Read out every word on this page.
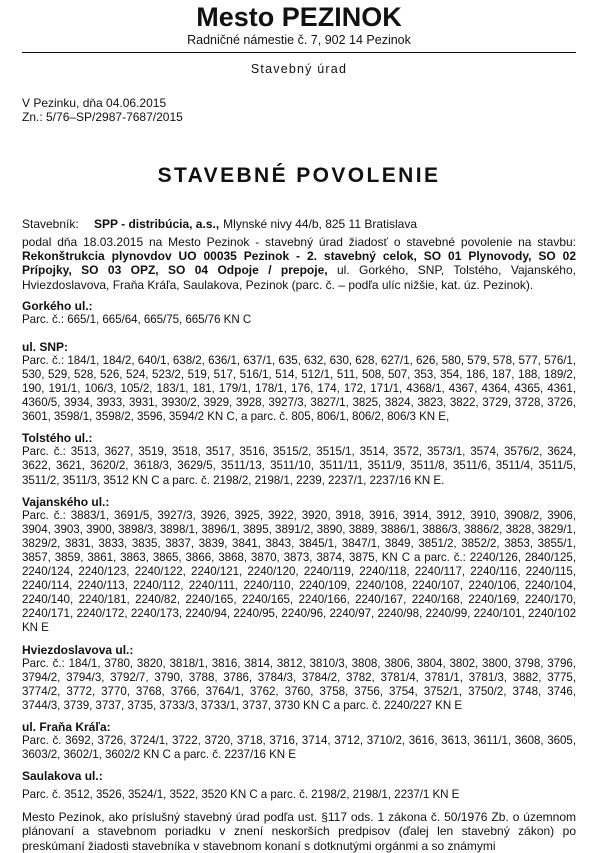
Mesto PEZINOK
Radničné námestie č. 7, 902 14 Pezinok
Stavebný úrad
V Pezinku, dňa 04.06.2015
Zn.: 5/76–SP/2987-7687/2015
STAVEBNÉ POVOLENIE
Stavebník: SPP - distribúcia, a.s., Mlynské nivy 44/b, 825 11 Bratislava
podal dňa 18.03.2015 na Mesto Pezinok - stavebný úrad žiadosť o stavebné povolenie na stavbu: Rekonštrukcia plynovdov UO 00035 Pezinok - 2. stavebný celok, SO 01 Plynovody, SO 02 Prípojky, SO 03 OPZ, SO 04 Odpoje / prepoje, ul. Gorkého, SNP, Tolstého, Vajanského, Hviezdoslavova, Fraňa Kráľa, Saulakova, Pezinok (parc. č. – podľa ulíc nižšie, kat. úz. Pezinok).
Gorkého ul.:
Parc. č.: 665/1, 665/64, 665/75, 665/76 KN C
ul. SNP:
Parc. č.: 184/1, 184/2, 640/1, 638/2, 636/1, 637/1, 635, 632, 630, 628, 627/1, 626, 580, 579, 578, 577, 576/1, 530, 529, 528, 526, 524, 523/2, 519, 517, 516/1, 514, 512/1, 511, 508, 507, 353, 354, 186, 187, 188, 189/2, 190, 191/1, 106/3, 105/2, 183/1, 181, 179/1, 178/1, 176, 174, 172, 171/1, 4368/1, 4367, 4364, 4365, 4361, 4360/5, 3934, 3933, 3931, 3930/2, 3929, 3928, 3927/3, 3827/1, 3825, 3824, 3823, 3822, 3729, 3728, 3726, 3601, 3598/1, 3598/2, 3596, 3594/2 KN C, a parc. č. 805, 806/1, 806/2, 806/3 KN E,
Tolstého ul.:
Parc. č.: 3513, 3627, 3519, 3518, 3517, 3516, 3515/2, 3515/1, 3514, 3572, 3573/1, 3574, 3576/2, 3624, 3622, 3621, 3620/2, 3618/3, 3629/5, 3511/13, 3511/10, 3511/11, 3511/9, 3511/8, 3511/6, 3511/4, 3511/5, 3511/2, 3511/3, 3512 KN C a parc. č. 2198/2, 2198/1, 2239, 2237/1, 2237/16 KN E.
Vajanského ul.:
Parc. č.: 3883/1, 3691/5, 3927/3, 3926, 3925, 3922, 3920, 3918, 3916, 3914, 3912, 3910, 3908/2, 3906, 3904, 3903, 3900, 3898/3, 3898/1, 3896/1, 3895, 3891/2, 3890, 3889, 3886/1, 3886/3, 3886/2, 3828, 3829/1, 3829/2, 3831, 3833, 3835, 3837, 3839, 3841, 3843, 3845/1, 3847/1, 3849, 3851/2, 3852/2, 3853, 3855/1, 3857, 3859, 3861, 3863, 3865, 3866, 3868, 3870, 3873, 3874, 3875, KN C a parc. č.: 2240/126, 2840/125, 2240/124, 2240/123, 2240/122, 2240/121, 2240/120, 2240/119, 2240/118, 2240/117, 2240/116, 2240/115, 2240/114, 2240/113, 2240/112, 2240/111, 2240/110, 2240/109, 2240/108, 2240/107, 2240/106, 2240/104, 2240/140, 2240/181, 2240/82, 2240/165, 2240/165, 2240/166, 2240/167, 2240/168, 2240/169, 2240/170, 2240/171, 2240/172, 2240/173, 2240/94, 2240/95, 2240/96, 2240/97, 2240/98, 2240/99, 2240/101, 2240/102 KN E
Hviezdoslavova ul.:
Parc. č.: 184/1, 3780, 3820, 3818/1, 3816, 3814, 3812, 3810/3, 3808, 3806, 3804, 3802, 3800, 3798, 3796, 3794/2, 3794/3, 3792/7, 3790, 3788, 3786, 3784/3, 3784/2, 3782, 3781/4, 3781/1, 3781/3, 3882, 3775, 3774/2, 3772, 3770, 3768, 3766, 3764/1, 3762, 3760, 3758, 3756, 3754, 3752/1, 3750/2, 3748, 3746, 3744/3, 3739, 3737, 3735, 3733/3, 3733/1, 3737, 3730 KN C a parc. č. 2240/227 KN E
ul. Fraňa Kráľa:
Parc. č. 3692, 3726, 3724/1, 3722, 3720, 3718, 3716, 3714, 3712, 3710/2, 3616, 3613, 3611/1, 3608, 3605, 3603/2, 3602/1, 3602/2 KN C a parc. č. 2237/16 KN E
Saulakova ul.:
Parc. č. 3512, 3526, 3524/1, 3522, 3520 KN C a parc. č. 2198/2, 2198/1, 2237/1 KN E
Mesto Pezinok, ako príslušný stavebný úrad podľa ust. §117 ods. 1 zákona č. 50/1976 Zb. o územnom plánovaní a stavebnom poriadku v znení neskorších predpisov (ďalej len stavebný zákon) po preskúmaní žiadosti stavebníka v stavebnom konaní s dotknutými orgánmi a so známymi
